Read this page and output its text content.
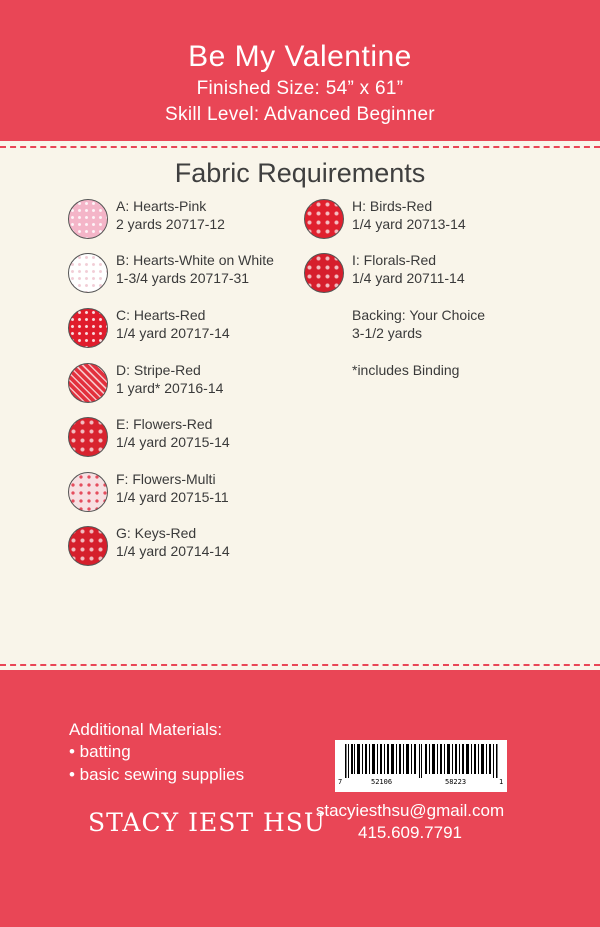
Be My Valentine
Finished Size: 54” x 61”
Skill Level: Advanced Beginner
Fabric Requirements
A: Hearts-Pink
2 yards 20717-12
B: Hearts-White on White
1-3/4 yards 20717-31
C: Hearts-Red
1/4 yard 20717-14
D: Stripe-Red
1 yard* 20716-14
E: Flowers-Red
1/4 yard 20715-14
F: Flowers-Multi
1/4 yard 20715-11
G: Keys-Red
1/4 yard 20714-14
H: Birds-Red
1/4 yard 20713-14
I: Florals-Red
1/4 yard 20711-14
Backing: Your Choice
3-1/2 yards
*includes Binding
Additional Materials:
• batting
• basic sewing supplies
STACY IEST HSU
7	52106	58223	1
stacyiesthsu@gmail.com
415.609.7791
